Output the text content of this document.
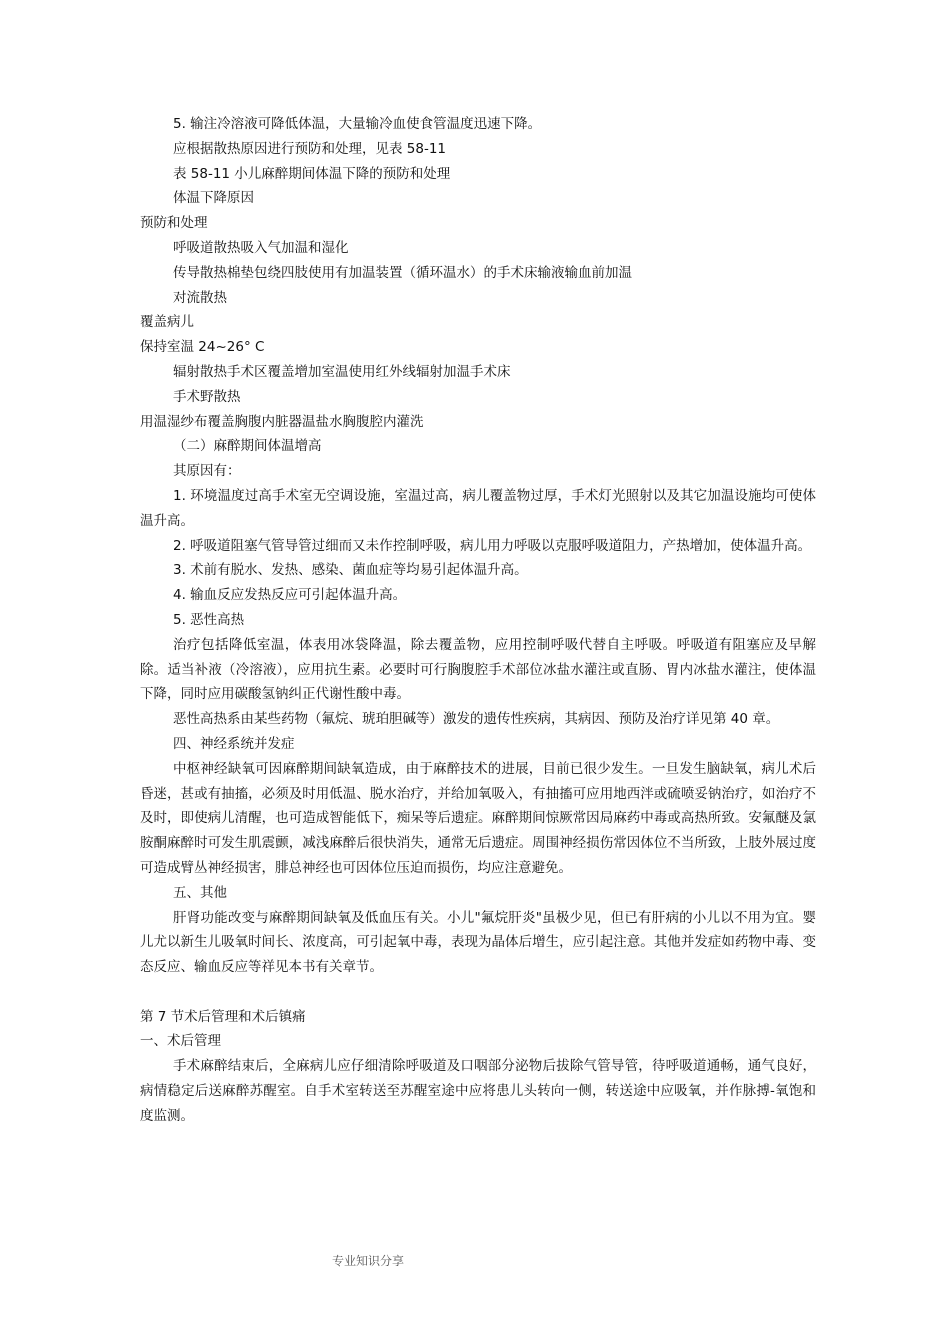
5. 输注冷溶液可降低体温，大量输冷血使食管温度迅速下降。
应根据散热原因进行预防和处理，见表 58-11
表 58-11 小儿麻醉期间体温下降的预防和处理
体温下降原因
预防和处理
呼吸道散热吸入气加温和湿化
传导散热棉垫包绕四肢使用有加温装置（循环温水）的手术床输液输血前加温
对流散热
覆盖病儿
保持室温 24~26° C
辐射散热手术区覆盖增加室温使用红外线辐射加温手术床
手术野散热
用温湿纱布覆盖胸腹内脏器温盐水胸腹腔内灌洗
（二）麻醉期间体温增高
其原因有：
1. 环境温度过高手术室无空调设施，室温过高，病儿覆盖物过厚，手术灯光照射以及其它加温设施均可使体温升高。
2. 呼吸道阻塞气管导管过细而又未作控制呼吸，病儿用力呼吸以克服呼吸道阻力，产热增加，使体温升高。
3. 术前有脱水、发热、感染、菌血症等均易引起体温升高。
4. 输血反应发热反应可引起体温升高。
5. 恶性高热
治疗包括降低室温，体表用冰袋降温，除去覆盖物，应用控制呼吸代替自主呼吸。呼吸道有阻塞应及早解除。适当补液（冷溶液），应用抗生素。必要时可行胸腹腔手术部位冰盐水灌注或直肠、胃内冰盐水灌注，使体温下降，同时应用碳酸氢钠纠正代谢性酸中毒。
恶性高热系由某些药物（氟烷、琥珀胆碱等）激发的遗传性疾病，其病因、预防及治疗详见第 40 章。
四、神经系统并发症
中枢神经缺氧可因麻醉期间缺氧造成，由于麻醉技术的进展，目前已很少发生。一旦发生脑缺氧，病儿术后昏迷，甚或有抽搐，必须及时用低温、脱水治疗，并给加氧吸入，有抽搐可应用地西泮或硫喷妥钠治疗，如治疗不及时，即使病儿清醒，也可造成智能低下，痴呆等后遗症。麻醉期间惊厥常因局麻药中毒或高热所致。安氟醚及氯胺酮麻醉时可发生肌震颤，减浅麻醉后很快消失，通常无后遗症。周围神经损伤常因体位不当所致，上肢外展过度可造成臂丛神经损害，腓总神经也可因体位压迫而损伤，均应注意避免。
五、其他
肝肾功能改变与麻醉期间缺氧及低血压有关。小儿"氟烷肝炎"虽极少见，但已有肝病的小儿以不用为宜。婴儿尤以新生儿吸氧时间长、浓度高，可引起氧中毒，表现为晶体后增生，应引起注意。其他并发症如药物中毒、变态反应、输血反应等祥见本书有关章节。
第 7 节术后管理和术后镇痛
一、术后管理
手术麻醉结束后，全麻病儿应仔细清除呼吸道及口咽部分泌物后拔除气管导管，待呼吸道通畅，通气良好，病情稳定后送麻醉苏醒室。自手术室转送至苏醒室途中应将患儿头转向一侧，转送途中应吸氧，并作脉搏-氧饱和度监测。
专业知识分享
